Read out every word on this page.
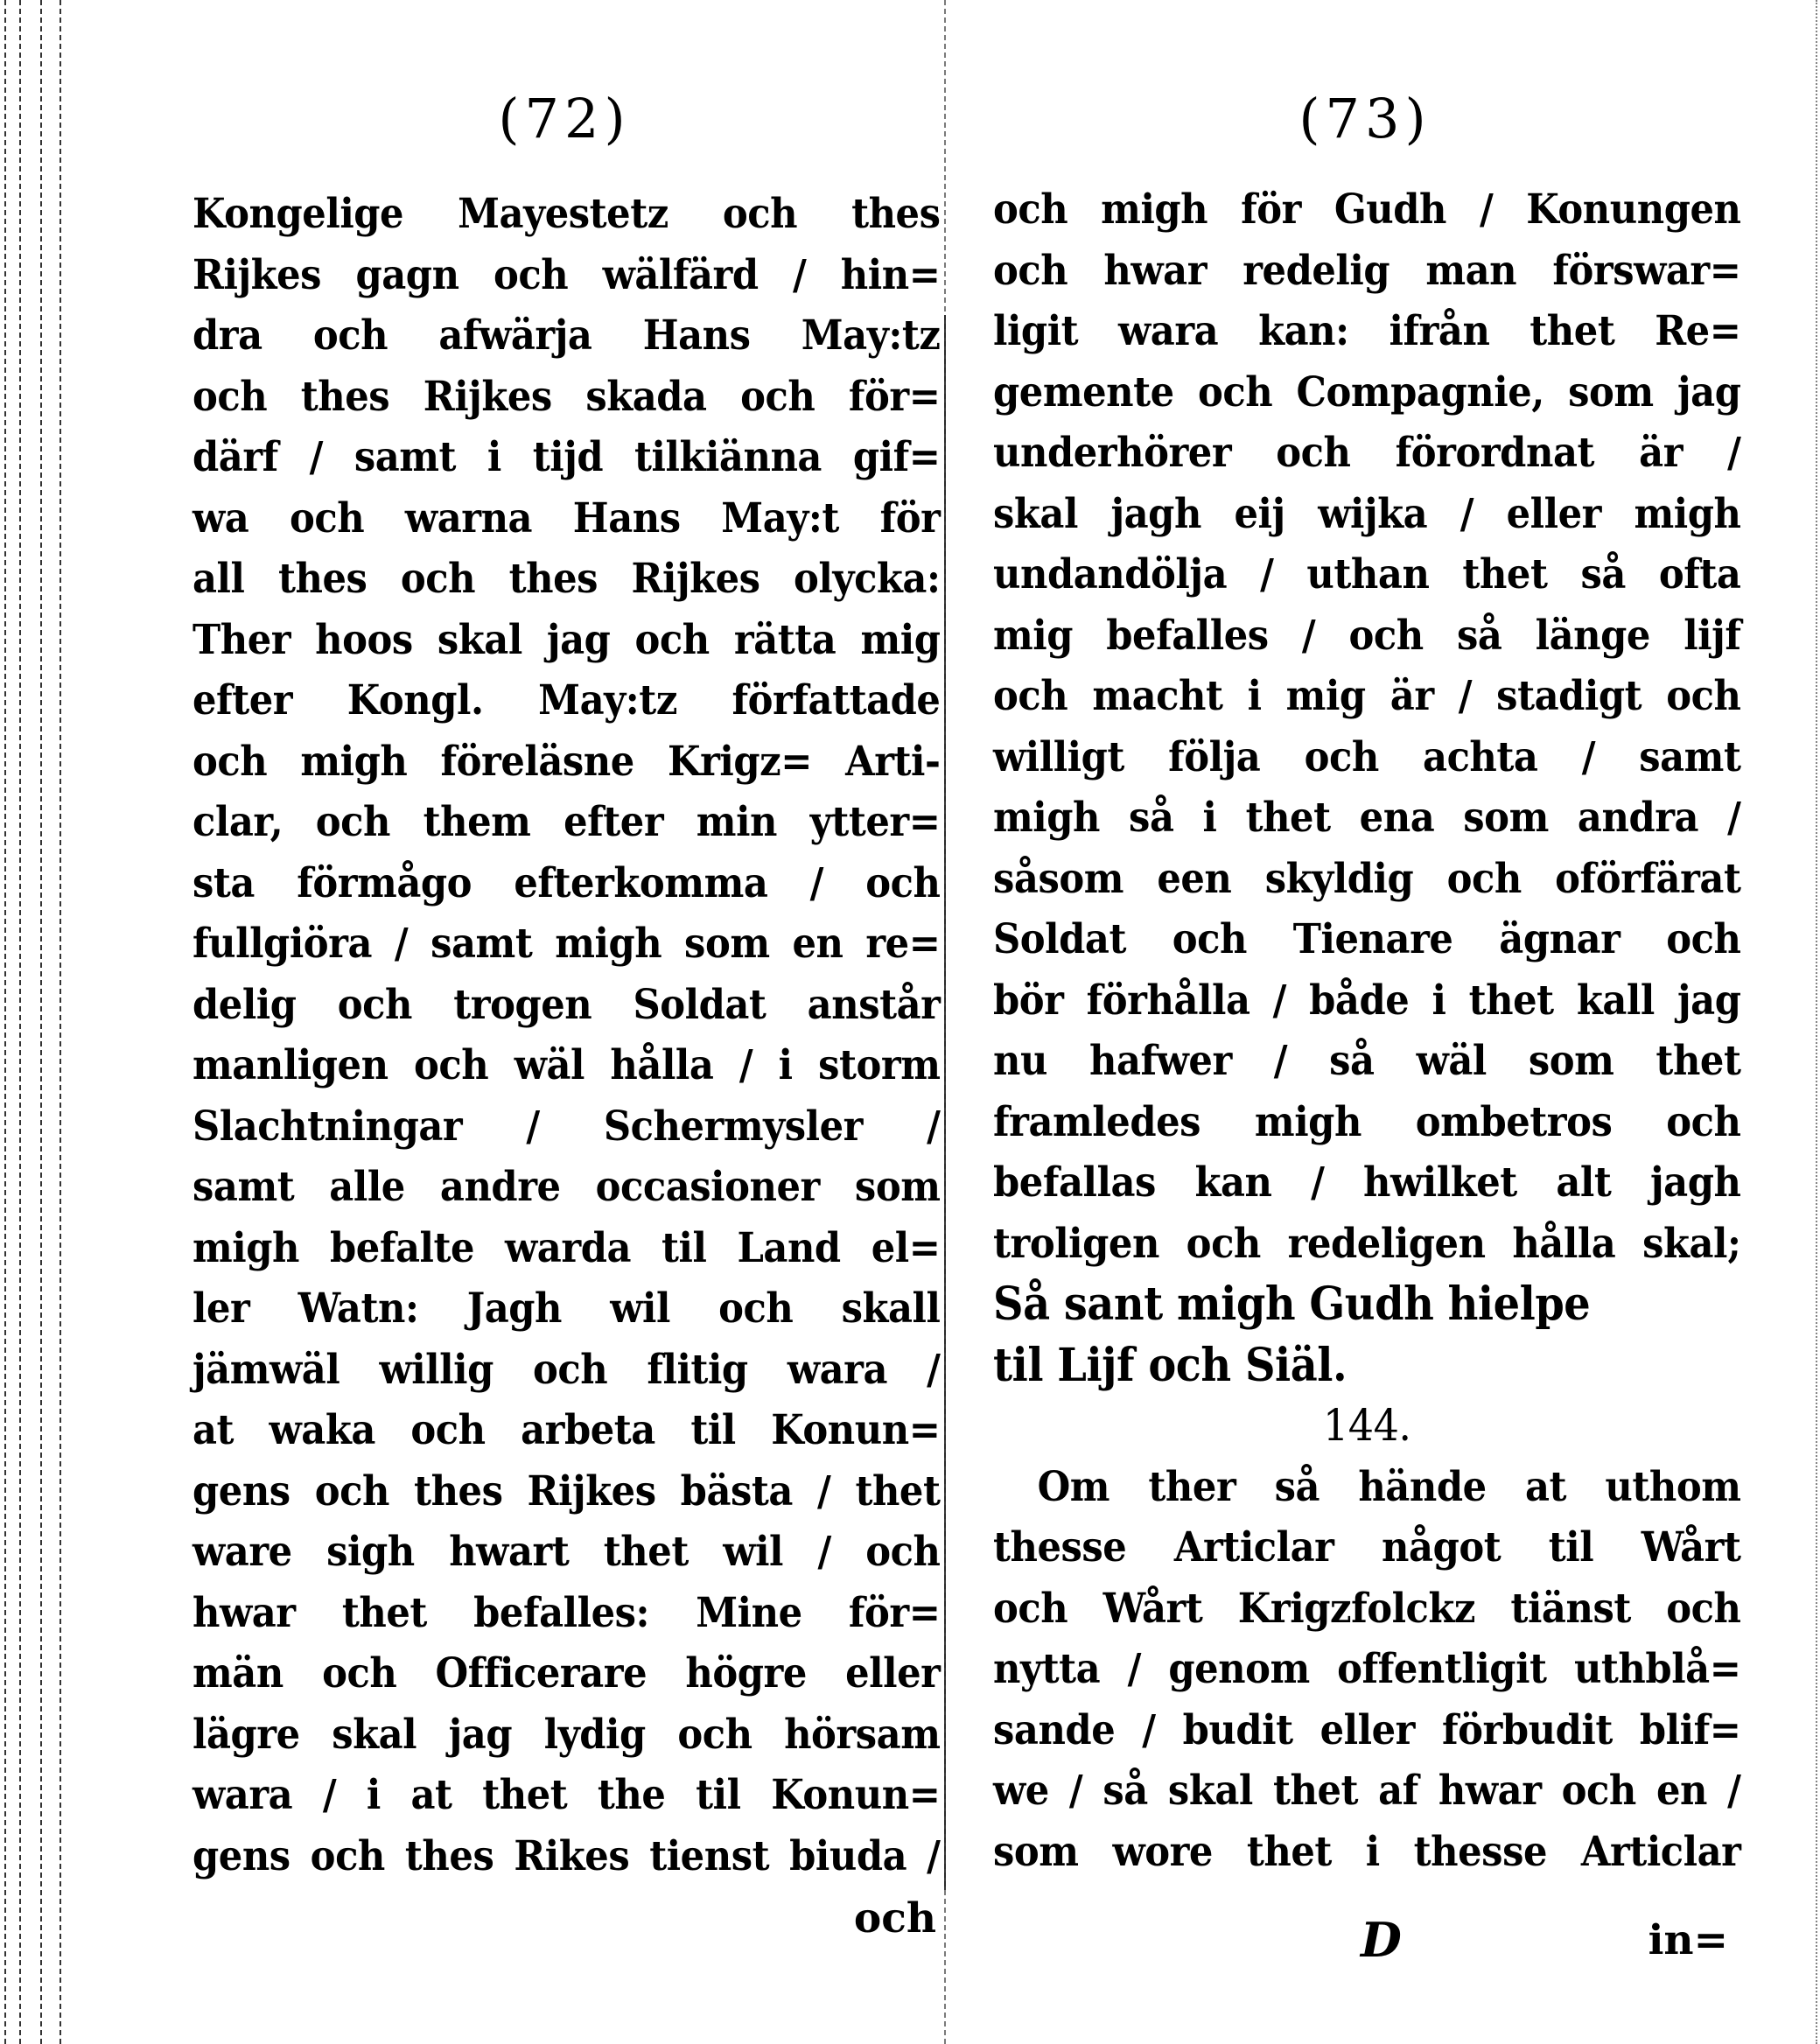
(72)
Kongelige Mayestetz och thes
Rijkes gagn och wälfärd / hin=
dra och afwärja Hans May:tz
och thes Rijkes skada och för=
därf / samt i tijd tilkiänna gif=
wa och warna Hans May:t för
all thes och thes Rijkes olycka:
Ther hoos skal jag och rätta mig
efter Kongl. May:tz författade
och migh föreläsne Krigz= Arti-
clar, och them efter min ytter=
sta förmågo efterkomma / och
fullgiöra / samt migh som en re=
delig och trogen Soldat anstår
manligen och wäl hålla / i storm
Slachtningar / Schermysler /
samt alle andre occasioner som
migh befalte warda til Land el=
ler Watn: Jagh wil och skall
jämwäl willig och flitig wara /
at waka och arbeta til Konun=
gens och thes Rijkes bästa / thet
ware sigh hwart thet wil / och
hwar thet befalles: Mine för=
män och Officerare högre eller
lägre skal jag lydig och hörsam
wara / i at thet the til Konun=
gens och thes Rikes tienst biuda /
och
(73)
och migh för Gudh / Konungen
och hwar redelig man förswar=
ligit wara kan: ifrån thet Re=
gemente och Compagnie, som jag
underhörer och förordnat är /
skal jagh eij wijka / eller migh
undandölja / uthan thet så ofta
mig befalles / och så länge lijf
och macht i mig är / stadigt och
willigt följa och achta / samt
migh så i thet ena som andra /
såsom een skyldig och oförfärat
Soldat och Tienare ägnar och
bör förhålla / både i thet kall jag
nu hafwer / så wäl som thet
framledes migh ombetros och
befallas kan / hwilket alt jagh
troligen och redeligen hålla skal;
Så sant migh Gudh hielpe
til Lijf och Siäl.
144.
Om ther så hände at uthom
thesse Articlar något til Wårt
och Wårt Krigzfolckz tiänst och
nytta / genom offentligit uthblå=
sande / budit eller förbudit blif=
we / så skal thet af hwar och en /
som wore thet i thesse Articlar
D	in=
